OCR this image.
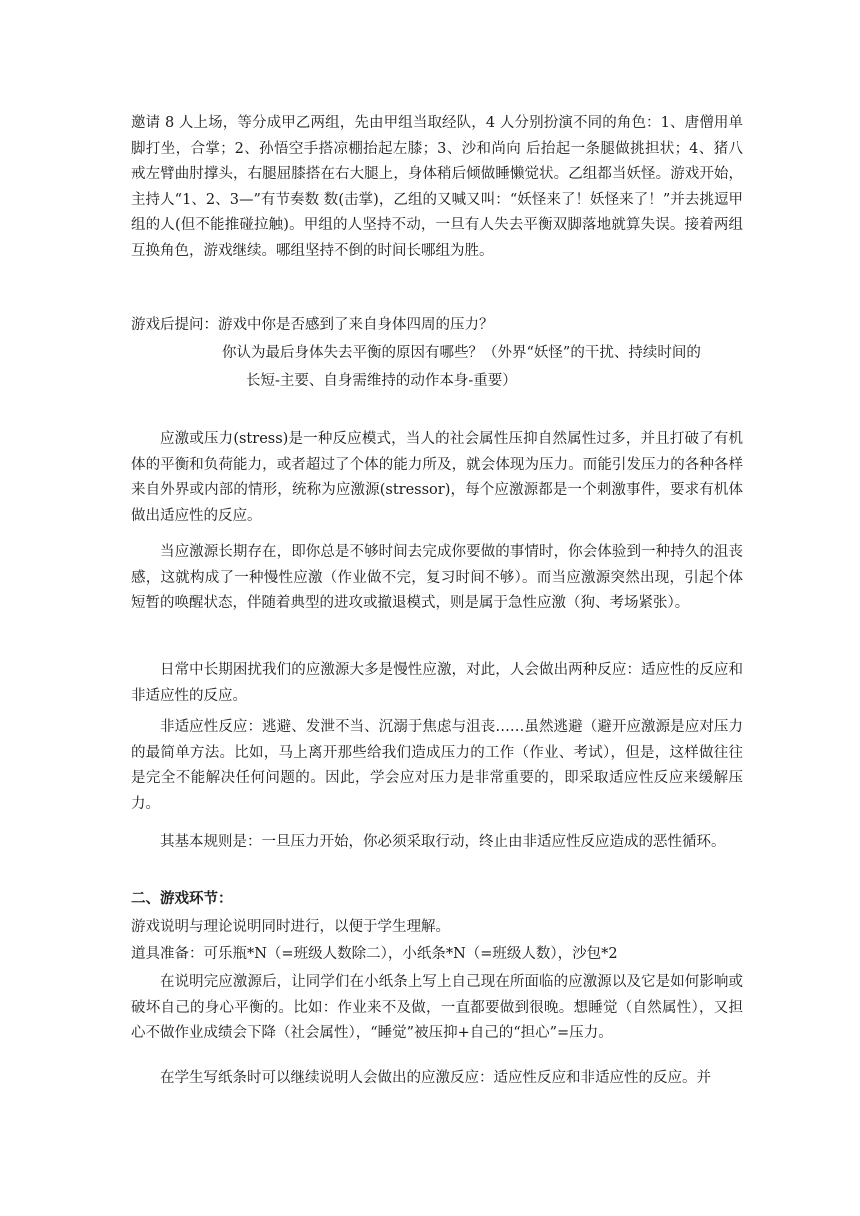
邀请 8 人上场，等分成甲乙两组，先由甲组当取经队，4 人分别扮演不同的角色：1、唐僧用单脚打坐，合掌；2、孙悟空手搭凉棚抬起左膝；3、沙和尚向 后抬起一条腿做挑担状；4、猪八戒左臂曲肘撑头，右腿屈膝搭在右大腿上，身体稍后倾做睡懒觉状。乙组都当妖怪。游戏开始，主持人“1、2、3—”有节奏数 数(击掌)，乙组的又喊又叫：“妖怪来了！妖怪来了！”并去挑逗甲组的人(但不能推碰拉触)。甲组的人坚持不动，一旦有人失去平衡双脚落地就算失误。接着两组互换角色，游戏继续。哪组坚持不倒的时间长哪组为胜。
游戏后提问：游戏中你是否感到了来自身体四周的压力？
你认为最后身体失去平衡的原因有哪些？（外界“妖怪”的干扰、持续时间的
长短-主要、自身需维持的动作本身-重要）
应激或压力(stress)是一种反应模式，当人的社会属性压抑自然属性过多，并且打破了有机体的平衡和负荷能力，或者超过了个体的能力所及，就会体现为压力。而能引发压力的各种各样来自外界或内部的情形，统称为应激源(stressor)，每个应激源都是一个刺激事件，要求有机体做出适应性的反应。
当应激源长期存在，即你总是不够时间去完成你要做的事情时，你会体验到一种持久的沮丧感，这就构成了一种慢性应激（作业做不完，复习时间不够）。而当应激源突然出现，引起个体短暂的唤醒状态，伴随着典型的进攻或撤退模式，则是属于急性应激（狗、考场紧张）。
日常中长期困扰我们的应激源大多是慢性应激，对此，人会做出两种反应：适应性的反应和非适应性的反应。
非适应性反应：逃避、发泄不当、沉溺于焦虑与沮丧……虽然逃避（避开应激源是应对压力的最简单方法。比如，马上离开那些给我们造成压力的工作（作业、考试），但是，这样做往往是完全不能解决任何问题的。因此，学会应对压力是非常重要的，即采取适应性反应来缓解压力。
其基本规则是：一旦压力开始，你必须采取行动，终止由非适应性反应造成的恶性循环。
二、游戏环节：
游戏说明与理论说明同时进行，以便于学生理解。
道具准备：可乐瓶*N（=班级人数除二），小纸条*N（=班级人数），沙包*2
在说明完应激源后，让同学们在小纸条上写上自己现在所面临的应激源以及它是如何影响或破坏自己的身心平衡的。比如：作业来不及做，一直都要做到很晚。想睡觉（自然属性），又担心不做作业成绩会下降（社会属性），“睡觉”被压抑+自己的“担心”=压力。
在学生写纸条时可以继续说明人会做出的应激反应：适应性反应和非适应性的反应。并
